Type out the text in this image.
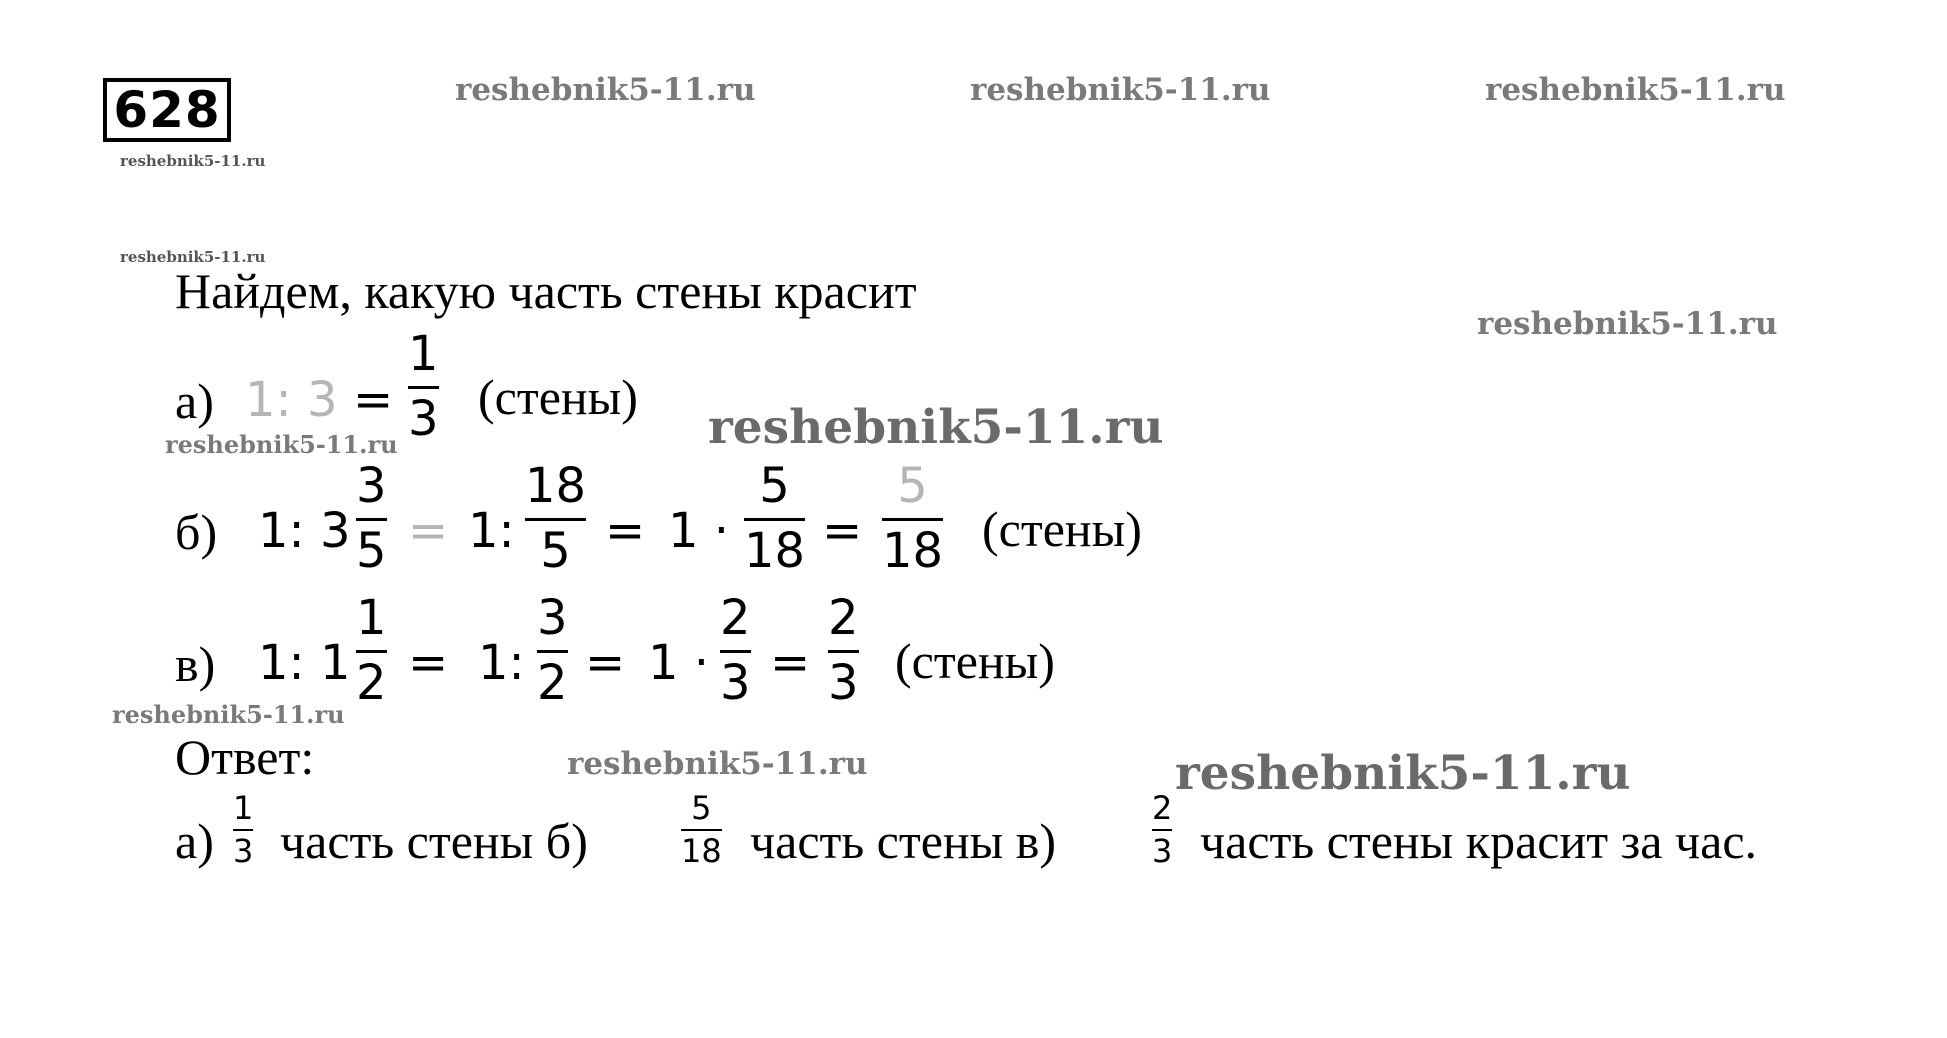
628	reshebnik5-11.ru	reshebnik5-11.ru	reshebnik5-11.ru
reshebnik5-11.ru
reshebnik5-11.ru
reshebnik5-11.ru
reshebnik5-11.ru
reshebnik5-11.ru
reshebnik5-11.ru
reshebnik5-11.ru	reshebnik5-11.ru
Найдем, какую часть стены красит
а) 1: 3 =
1
3 (стены)
б) 1: 3
3
5 = 1:
18
5 = 1 ·
5
18 =
5
18 (стены)
в) 1: 1
1
2 = 1:
3
2 = 1 ·
2
3 =
2
3 (стены)
Ответ:
а)
1
3 часть стены б)
5
18 часть стены в)
2
3 часть стены красит за час.
